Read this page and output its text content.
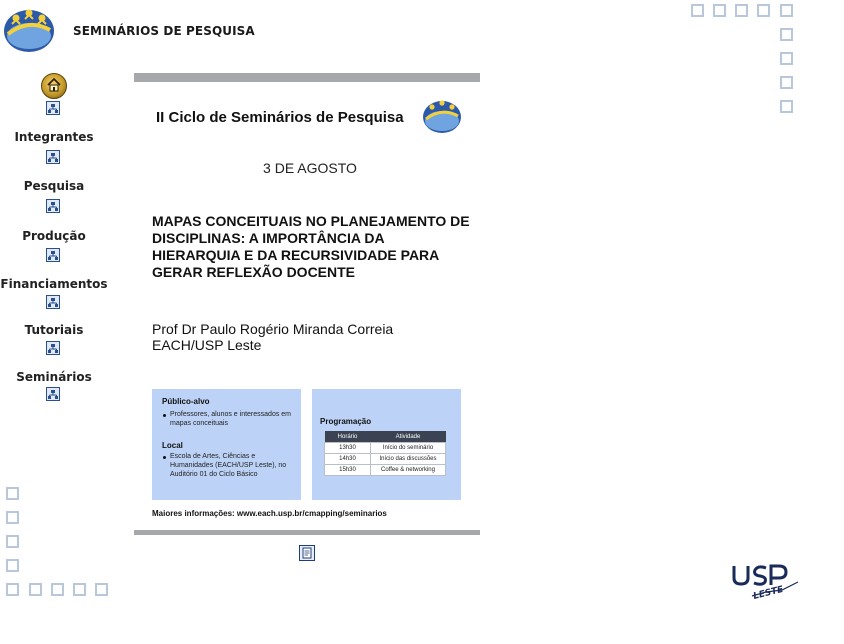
SEMINÁRIOS DE PESQUISA
Integrantes
Pesquisa
Produção
Financiamentos
Tutoriais
Seminários
II Ciclo de Seminários de Pesquisa
3 DE AGOSTO
MAPAS CONCEITUAIS NO PLANEJAMENTO DE DISCIPLINAS: A IMPORTÂNCIA DA HIERARQUIA E DA RECURSIVIDADE PARA GERAR REFLEXÃO DOCENTE
Prof Dr Paulo Rogério Miranda Correia
EACH/USP Leste
Público-alvo
Professores, alunos e interessados em mapas conceituais
Local
Escola de Artes, Ciências e Humanidades (EACH/USP Leste), no Auditório 01 do Ciclo Básico
Programação
Horário	Atividade
13h30	Início do seminário
14h30	Início das discussões
15h30	Coffee & networking
Maiores informações: www.each.usp.br/cmapping/seminarios
LESTE
